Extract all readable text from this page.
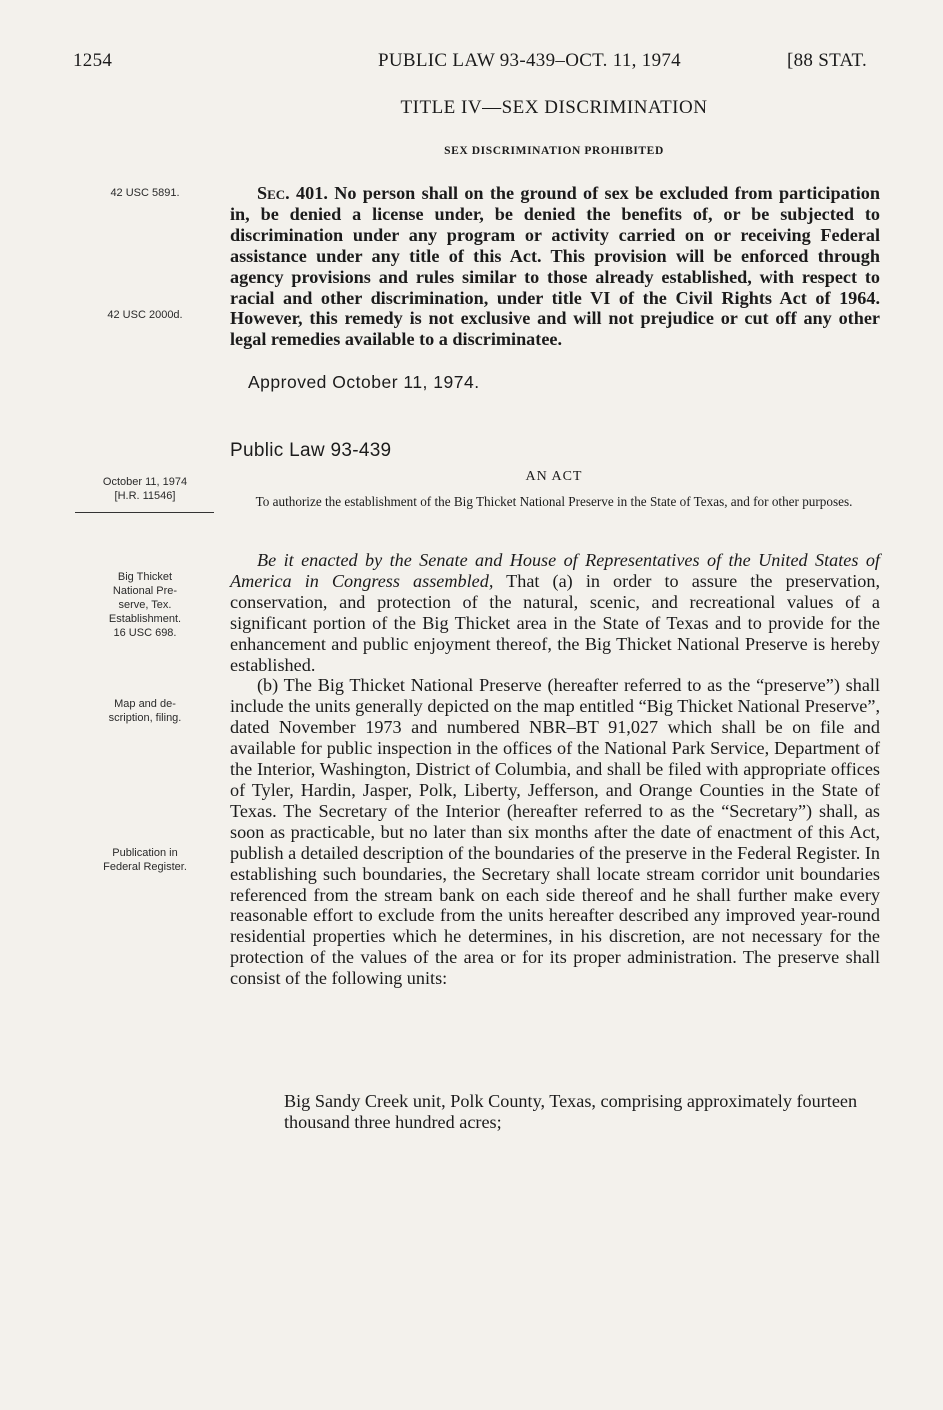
1254	PUBLIC LAW 93-439–OCT. 11, 1974	[88 STAT.
TITLE IV—SEX DISCRIMINATION
SEX DISCRIMINATION PROHIBITED
42 USC 5891.	Sec. 401. No person shall on the ground of sex be excluded from participation in, be denied a license under, be denied the benefits of, or be subjected to discrimination under any program or activity carried on or receiving Federal assistance under any title of this Act. This provision will be enforced through agency provisions and rules similar to those already established, with respect to racial and other discrimination, under title VI of the Civil Rights Act of 1964. However, this remedy is not exclusive and will not prejudice or cut off any other legal remedies available to a discriminatee.
42 USC 2000d.
Approved October 11, 1974.
Public Law 93-439
October 11, 1974
[H.R. 11546]
AN ACT
To authorize the establishment of the Big Thicket National Preserve in the State of Texas, and for other purposes.
Big Thicket
National Pre-
serve, Tex.
Establishment.
16 USC 698.
Be it enacted by the Senate and House of Representatives of the United States of America in Congress assembled, That (a) in order to assure the preservation, conservation, and protection of the natural, scenic, and recreational values of a significant portion of the Big Thicket area in the State of Texas and to provide for the enhancement and public enjoyment thereof, the Big Thicket National Preserve is hereby established.
(b) The Big Thicket National Preserve (hereafter referred to as the “preserve”) shall include the units generally depicted on the map entitled “Big Thicket National Preserve”, dated November 1973 and numbered NBR–BT 91,027 which shall be on file and available for public inspection in the offices of the National Park Service, Department of the Interior, Washington, District of Columbia, and shall be filed with appropriate offices of Tyler, Hardin, Jasper, Polk, Liberty, Jefferson, and Orange Counties in the State of Texas. The Secretary of the Interior (hereafter referred to as the “Secretary”) shall, as soon as practicable, but no later than six months after the date of enactment of this Act, publish a detailed description of the boundaries of the preserve in the Federal Register. In establishing such boundaries, the Secretary shall locate stream corridor unit boundaries referenced from the stream bank on each side thereof and he shall further make every reasonable effort to exclude from the units hereafter described any improved year-round residential properties which he determines, in his discretion, are not necessary for the protection of the values of the area or for its proper administration. The preserve shall consist of the following units:
Map and de-
scription, filing.
Publication in
Federal Register.
Big Sandy Creek unit, Polk County, Texas, comprising approximately fourteen thousand three hundred acres;
